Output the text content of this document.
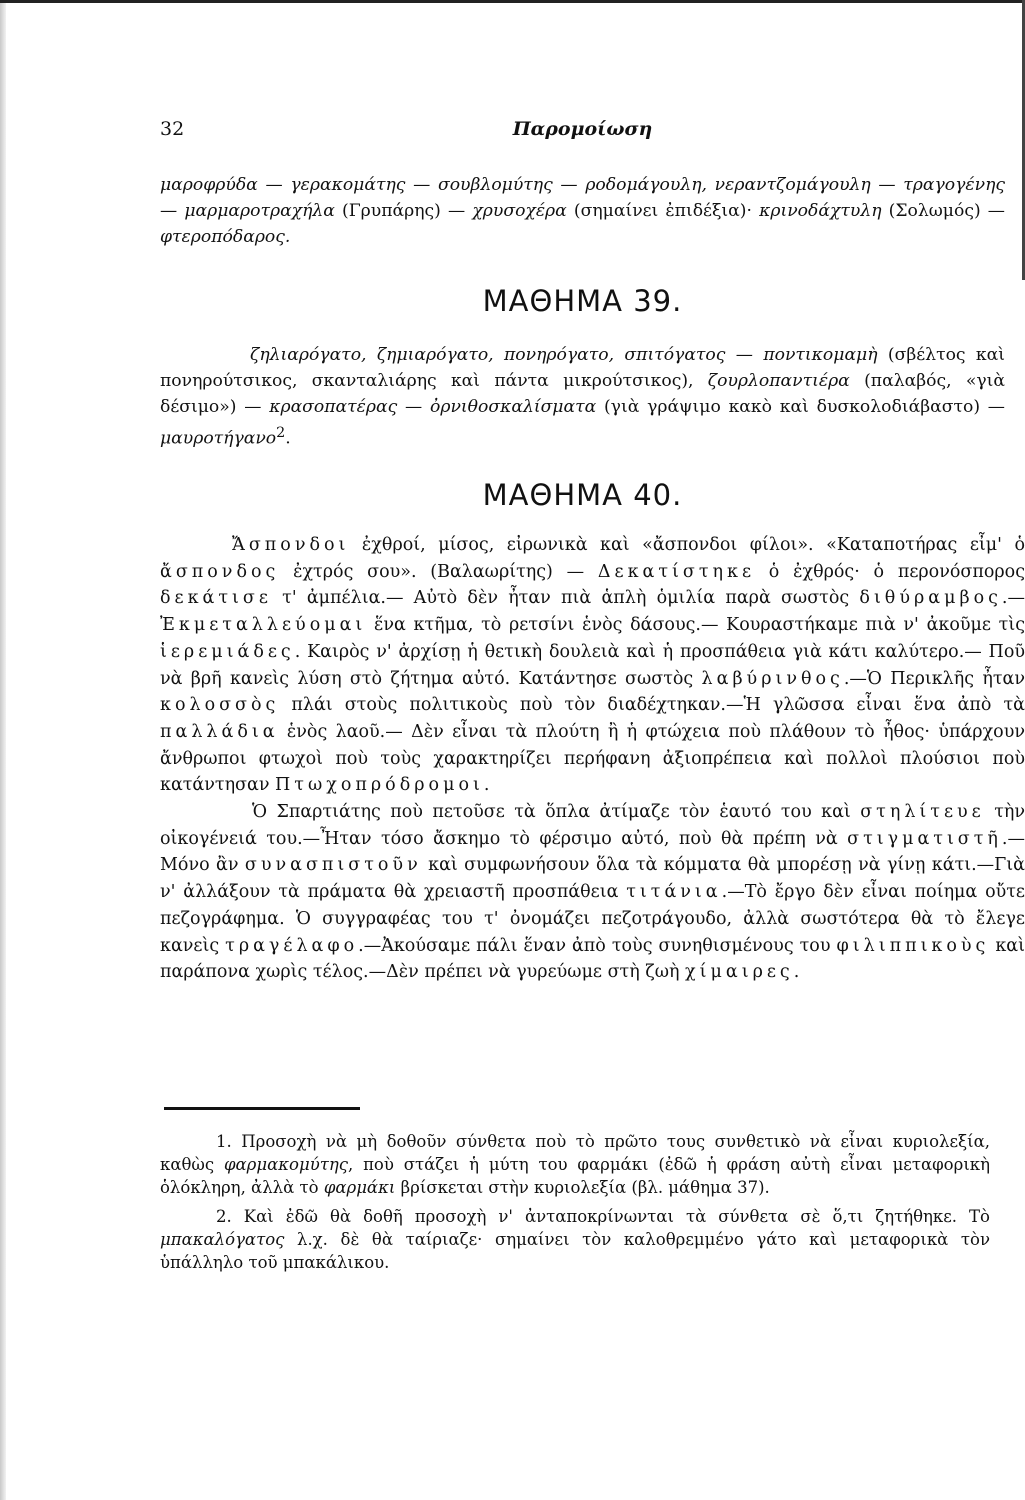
32	Παρομοίωση

μαροφρύδα — γερακομάτης — σουβλομύτης — ροδομάγουλη, νεραντζομάγουλη — τραγογένης — μαρμαροτραχήλα (Γρυπάρης) — χρυσοχέρα (σημαίνει ἐπιδέξια)· κρινοδάχτυλη (Σολωμός) — φτεροπόδαρος.

ΜΑΘΗΜΑ 39.

ζηλιαρόγατο, ζημιαρόγατο, πονηρόγατο, σπιτόγατος — ποντικομαμὴ (σβέλτος καὶ πονηρούτσικος, σκανταλιάρης καὶ πάντα μικρούτσικος), ζουρλοπαντιέρα (παλαβός, «γιὰ δέσιμο») — κρασοπατέρας — ὀρνιθοσκαλίσματα (γιὰ γράψιμο κακὸ καὶ δυσκολοδιάβαστο) — μαυροτήγανο$^2$.

ΜΑΘΗΜΑ 40.

Ἄσπονδοι ἐχθροί, μίσος, εἰρωνικὰ καὶ «ἄσπονδοι φίλοι». «Καταποτήρας εἶμ' ὁ ἄσπονδος ἐχτρός σου». (Βαλαωρίτης) — Δεκατίστηκε ὁ ἐχθρός· ὁ περονόσπορος δεκάτισε τ' ἀμπέλια.— Αὐτὸ δὲν ἦταν πιὰ ἁπλὴ ὁμιλία παρὰ σωστὸς διθύραμβος.—Ἐκμεταλλεύομαι ἕνα κτῆμα, τὸ ρετσίνι ἑνὸς δάσους.— Κουραστήκαμε πιὰ ν' ἀκοῦμε τὶς ἱερεμιάδες. Καιρὸς ν' ἀρχίσῃ ἡ θετικὴ δουλειὰ καὶ ἡ προσπάθεια γιὰ κάτι καλύτερο.— Ποῦ νὰ βρῆ κανεὶς λύση στὸ ζήτημα αὐτό. Κατάντησε σωστὸς λαβύρινθος.—Ὁ Περικλῆς ἦταν κολοσσὸς πλάι στοὺς πολιτικοὺς ποὺ τὸν διαδέχτηκαν.—Ἡ γλῶσσα εἶναι ἕνα ἀπὸ τὰ παλλάδια ἑνὸς λαοῦ.— Δὲν εἶναι τὰ πλούτη ἢ ἡ φτώχεια ποὺ πλάθουν τὸ ἦθος· ὑπάρχουν ἄνθρωποι φτωχοὶ ποὺ τοὺς χαρακτηρίζει περήφανη ἀξιοπρέπεια καὶ πολλοὶ πλούσιοι ποὺ κατάντησαν Πτωχοπρόδρομοι.

Ὁ Σπαρτιάτης ποὺ πετοῦσε τὰ ὅπλα ἀτίμαζε τὸν ἑαυτό του καὶ στηλίτευε τὴν οἰκογένειά του.—Ἦταν τόσο ἄσκημο τὸ φέρσιμο αὐτό, ποὺ θὰ πρέπη νὰ στιγματιστῆ.—Μόνο ἂν συνασπιστοῦν καὶ συμφωνήσουν ὅλα τὰ κόμματα θὰ μπορέσῃ νὰ γίνῃ κάτι.—Γιὰ ν' ἀλλάξουν τὰ πράματα θὰ χρειαστῆ προσπάθεια τιτάνια.—Τὸ ἔργο δὲν εἶναι ποίημα οὔτε πεζογράφημα. Ὁ συγγραφέας του τ' ὀνομάζει πεζοτράγουδο, ἀλλὰ σωστότερα θὰ τὸ ἔλεγε κανεὶς τραγέλαφο.—Ἀκούσαμε πάλι ἕναν ἀπὸ τοὺς συνηθισμένους του φιλιππικοὺς καὶ παράπονα χωρὶς τέλος.—Δὲν πρέπει νὰ γυρεύωμε στὴ ζωὴ χίμαιρες.

1. Προσοχὴ νὰ μὴ δοθοῦν σύνθετα ποὺ τὸ πρῶτο τους συνθετικὸ νὰ εἶναι κυριολεξία, καθὼς φαρμακομύτης, ποὺ στάζει ἡ μύτη του φαρμάκι (ἐδῶ ἡ φράση αὐτὴ εἶναι μεταφορικὴ ὁλόκληρη, ἀλλὰ τὸ φαρμάκι βρίσκεται στὴν κυριολεξία (βλ. μάθημα 37).

2. Καὶ ἐδῶ θὰ δοθῆ προσοχὴ ν' ἀνταποκρίνωνται τὰ σύνθετα σὲ ὅ,τι ζητήθηκε. Τὸ μπακαλόγατος λ.χ. δὲ θὰ ταίριαζε· σημαίνει τὸν καλοθρεμμένο γάτο καὶ μεταφορικὰ τὸν ὑπάλληλο τοῦ μπακάλικου.
